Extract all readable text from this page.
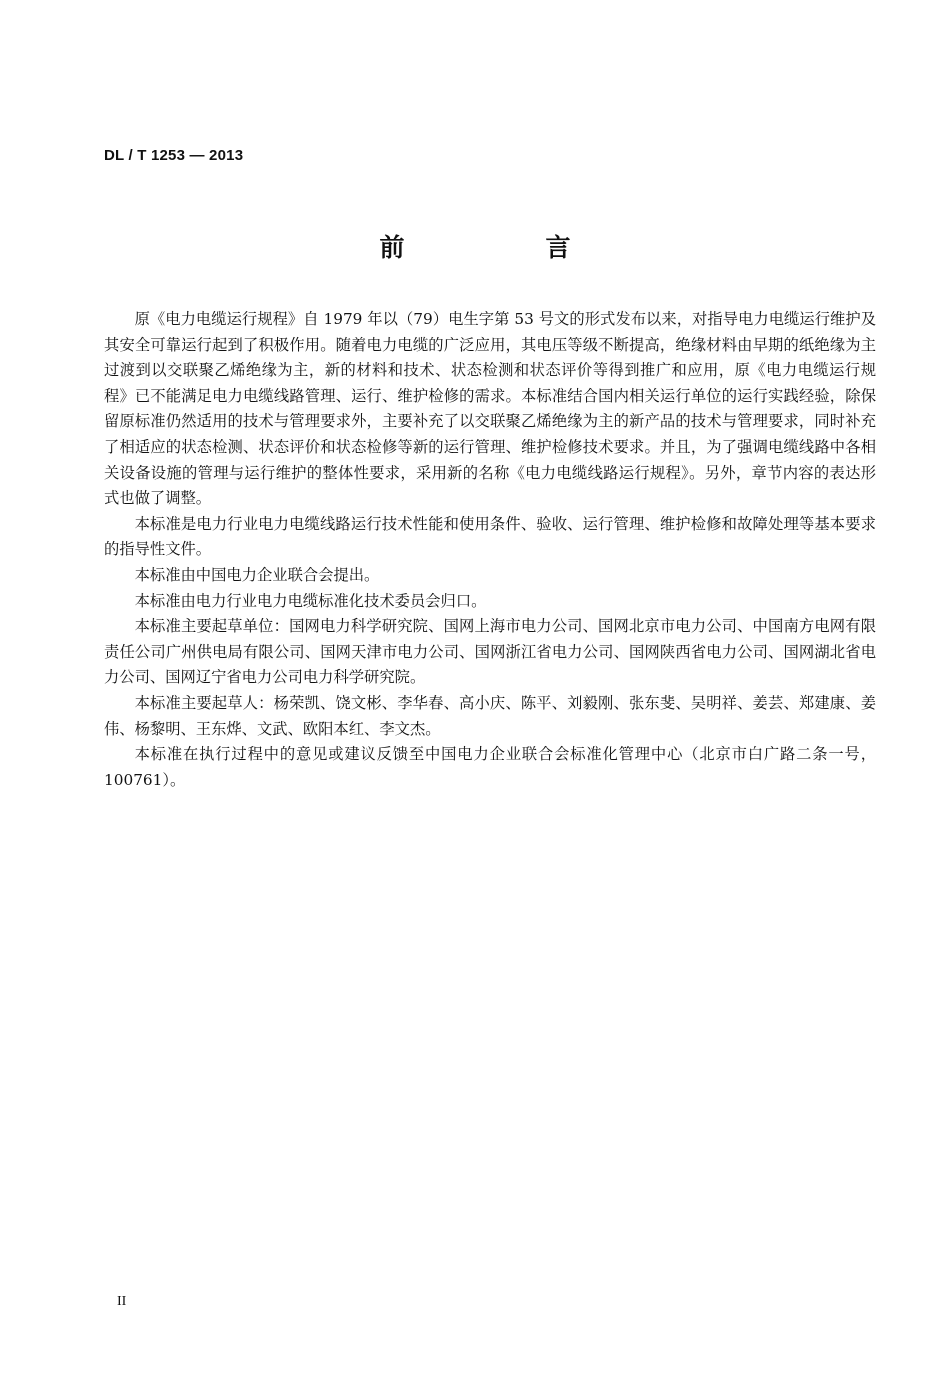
DL / T 1253 — 2013
前　言

原《电力电缆运行规程》自 1979 年以（79）电生字第 53 号文的形式发布以来，对指导电力电缆运行维护及其安全可靠运行起到了积极作用。随着电力电缆的广泛应用，其电压等级不断提高，绝缘材料由早期的纸绝缘为主过渡到以交联聚乙烯绝缘为主，新的材料和技术、状态检测和状态评价等得到推广和应用，原《电力电缆运行规程》已不能满足电力电缆线路管理、运行、维护检修的需求。本标准结合国内相关运行单位的运行实践经验，除保留原标准仍然适用的技术与管理要求外，主要补充了以交联聚乙烯绝缘为主的新产品的技术与管理要求，同时补充了相适应的状态检测、状态评价和状态检修等新的运行管理、维护检修技术要求。并且，为了强调电缆线路中各相关设备设施的管理与运行维护的整体性要求，采用新的名称《电力电缆线路运行规程》。另外，章节内容的表达形式也做了调整。

本标准是电力行业电力电缆线路运行技术性能和使用条件、验收、运行管理、维护检修和故障处理等基本要求的指导性文件。

本标准由中国电力企业联合会提出。

本标准由电力行业电力电缆标准化技术委员会归口。

本标准主要起草单位：国网电力科学研究院、国网上海市电力公司、国网北京市电力公司、中国南方电网有限责任公司广州供电局有限公司、国网天津市电力公司、国网浙江省电力公司、国网陕西省电力公司、国网湖北省电力公司、国网辽宁省电力公司电力科学研究院。

本标准主要起草人：杨荣凯、饶文彬、李华春、高小庆、陈平、刘毅刚、张东斐、吴明祥、姜芸、郑建康、姜伟、杨黎明、王东烨、文武、欧阳本红、李文杰。

本标准在执行过程中的意见或建议反馈至中国电力企业联合会标准化管理中心（北京市白广路二条一号，100761）。

II
